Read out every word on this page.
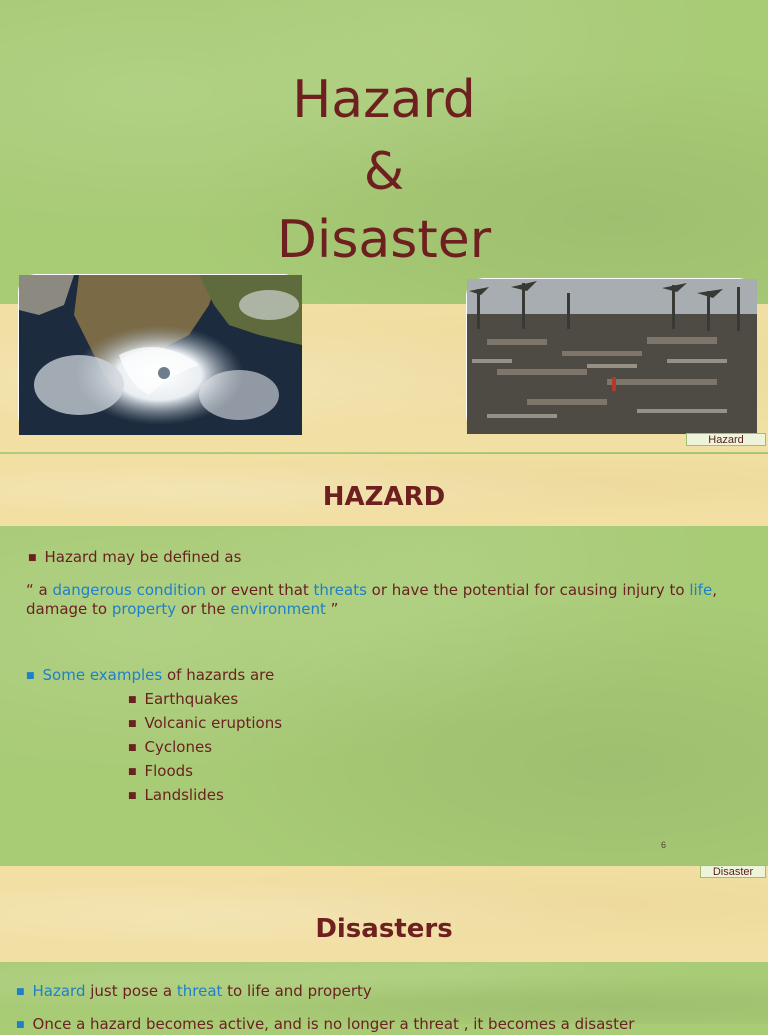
Hazard
&
Disaster
Hazard
HAZARD
■ Hazard may be defined as
“ a dangerous condition or event that threats or have the potential for causing injury to life,
damage to property or the environment ”
■ Some examples of hazards are
■ Earthquakes
■ Volcanic eruptions
■ Cyclones
■ Floods
■ Landslides
6
Disaster
Disasters
■ Hazard just pose a threat to life and property
■ Once a hazard becomes active, and is no longer a threat , it becomes a disaster
